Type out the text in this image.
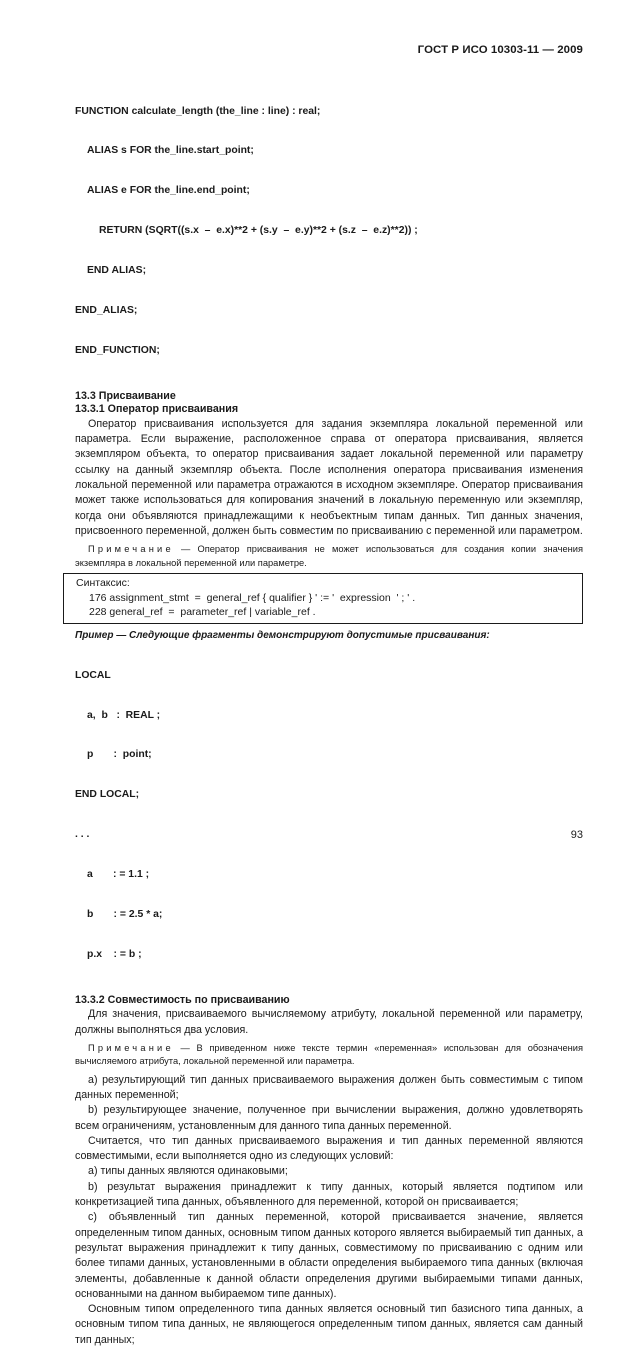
ГОСТ Р ИСО 10303-11 — 2009

FUNCTION calculate_length (the_line : line) : real;

ALIAS s FOR the_line.start_point;

ALIAS e FOR the_line.end_point;

RETURN (SQRT((s.x  –  e.x)**2 + (s.y  –  e.y)**2 + (s.z  –  e.z)**2)) ;

END ALIAS;

END_ALIAS;

END_FUNCTION;

13.3 Присваивание
13.3.1 Оператор присваивания
Оператор присваивания используется для задания экземпляра локальной переменной или параметра. Если выражение, расположенное справа от оператора присваивания, является экземпляром объекта, то оператор присваивания задает локальной переменной или параметру ссылку на данный экземпляр объекта. После исполнения оператора присваивания изменения локальной переменной или параметра отражаются в исходном экземпляре. Оператор присваивания может также использоваться для копирования значений в локальную переменную или экземпляр, когда они объявляются принадлежащими к необъектным типам данных. Тип данных значения, присвоенного переменной, должен быть совместим по присваиванию с переменной или параметром.
Примечание — Оператор присваивания не может использоваться для создания копии значения экземпляра в локальной переменной или параметре.
Синтаксис:
176 assignment_stmt  =  general_ref { qualifier } ' := '  expression  ' ; ' .
228 general_ref  =  parameter_ref | variable_ref .
Пример — Следующие фрагменты демонстрируют допустимые присваивания:

LOCAL

a,  b   :  REAL ;

p       :  point;

END LOCAL;

. . .

a       : = 1.1 ;

b       : = 2.5 * a;

p.x    : = b ;

13.3.2 Совместимость по присваиванию
Для значения, присваиваемого вычисляемому атрибуту, локальной переменной или параметру, должны выполняться два условия.
Примечание — В приведенном ниже тексте термин «переменная» использован для обозначения вычисляемого атрибута, локальной переменной или параметра.
а) результирующий тип данных присваиваемого выражения должен быть совместимым с типом данных переменной;
b) результирующее значение, полученное при вычислении выражения, должно удовлетворять всем ограничениям, установленным для данного типа данных переменной.
Считается, что тип данных присваиваемого выражения и тип данных переменной являются совместимыми, если выполняется одно из следующих условий:
а) типы данных являются одинаковыми;
b) результат выражения принадлежит к типу данных, который является подтипом или конкретизацией типа данных, объявленного для переменной, которой он присваивается;
с) объявленный тип данных переменной, которой присваивается значение, является определенным типом данных, основным типом данных которого является выбираемый тип данных, а результат выражения принадлежит к типу данных, совместимому по присваиванию с одним или более типами данных, установленными в области определения выбираемого типа данных (включая элементы, добавленные к данной области определения другими выбираемыми типами данных, основанными на данном выбираемом типе данных).
Основным типом определенного типа данных является основный тип базисного типа данных, а основным типом типа данных, не являющегося определенным типом данных, является сам данный тип данных;
93
